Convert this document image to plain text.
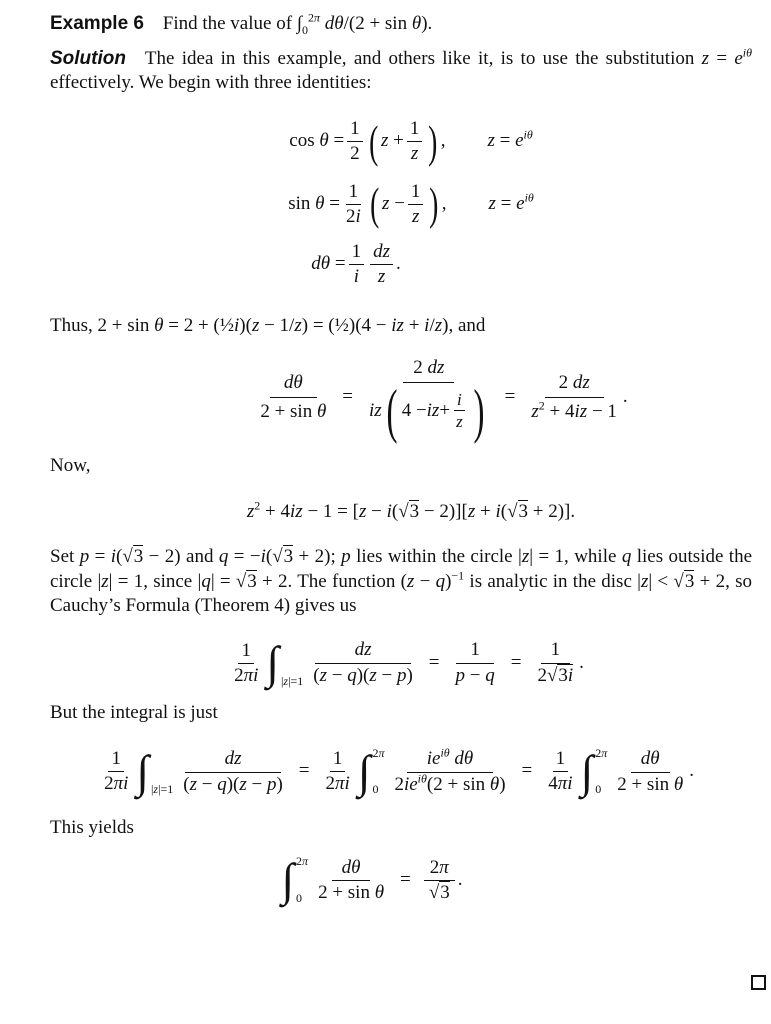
Example 6 Find the value of $\int_0^{2\pi}$ dθ/(2 + sin θ).

Solution The idea in this example, and others like it, is to use the substitution $z = e^{i\theta}$ effectively. We begin with three identities:

$\cos \theta = \frac{1}{2}$ ( $z + \frac{1}{z}$ ) , $z = e^{i\theta}$
$\sin \theta = \frac{1}{2i}$ ( $z - \frac{1}{z}$ ) , $z = e^{i\theta}$
$d\theta = \frac{1}{i} \frac{dz}{z}$ .

Thus, 2 + sin θ = 2 + (½i)(z − 1/z) = (½)(4 − iz + i/z), and

$\frac{d\theta}{\text{2 + sin θ}} = \frac{2 dz}{iz ( 4 - iz + \frac{i}{z} )} = \frac{2 dz}{z^2 + 4iz - 1}$ .

Now,

$z^2 + 4iz - 1 = [z - i(√3 - 2)][z + i(√3 + 2)]$.

Set p = i(√3 − 2) and q = −i(√3 + 2); p lies within the circle |z| = 1, while q lies outside the circle |z| = 1, since |q| = √3 + 2. The function $(z - q)^{-1}$ is analytic in the disc |z| < √3 + 2, so Cauchy’s Formula (Theorem 4) gives us

$\frac{1}{2\pi i}$ ∫ $|z|=1 \frac{dz}{(z - q)(z - p)} = \frac{1}{p - q} = \frac{1}{2√3i}$ .

But the integral is just

$\frac{1}{2\pi i}$ ∫ $|z|=1 \frac{dz}{(z - q)(z - p)} = \frac{1}{2\pi i}$ ∫ 2π
$0 \frac{ie^{i\theta} d\theta}{2ie^{i\theta}(2 + \sin \theta)} = \frac{1}{4\pi i}$ ∫ 2π
$0 \frac{d\theta}{\text{2 + sin θ}}$ .

This yields

∫ 2π
$0 \frac{d\theta}{\text{2 + sin θ}} = \frac{2\pi}{√3}$ .
